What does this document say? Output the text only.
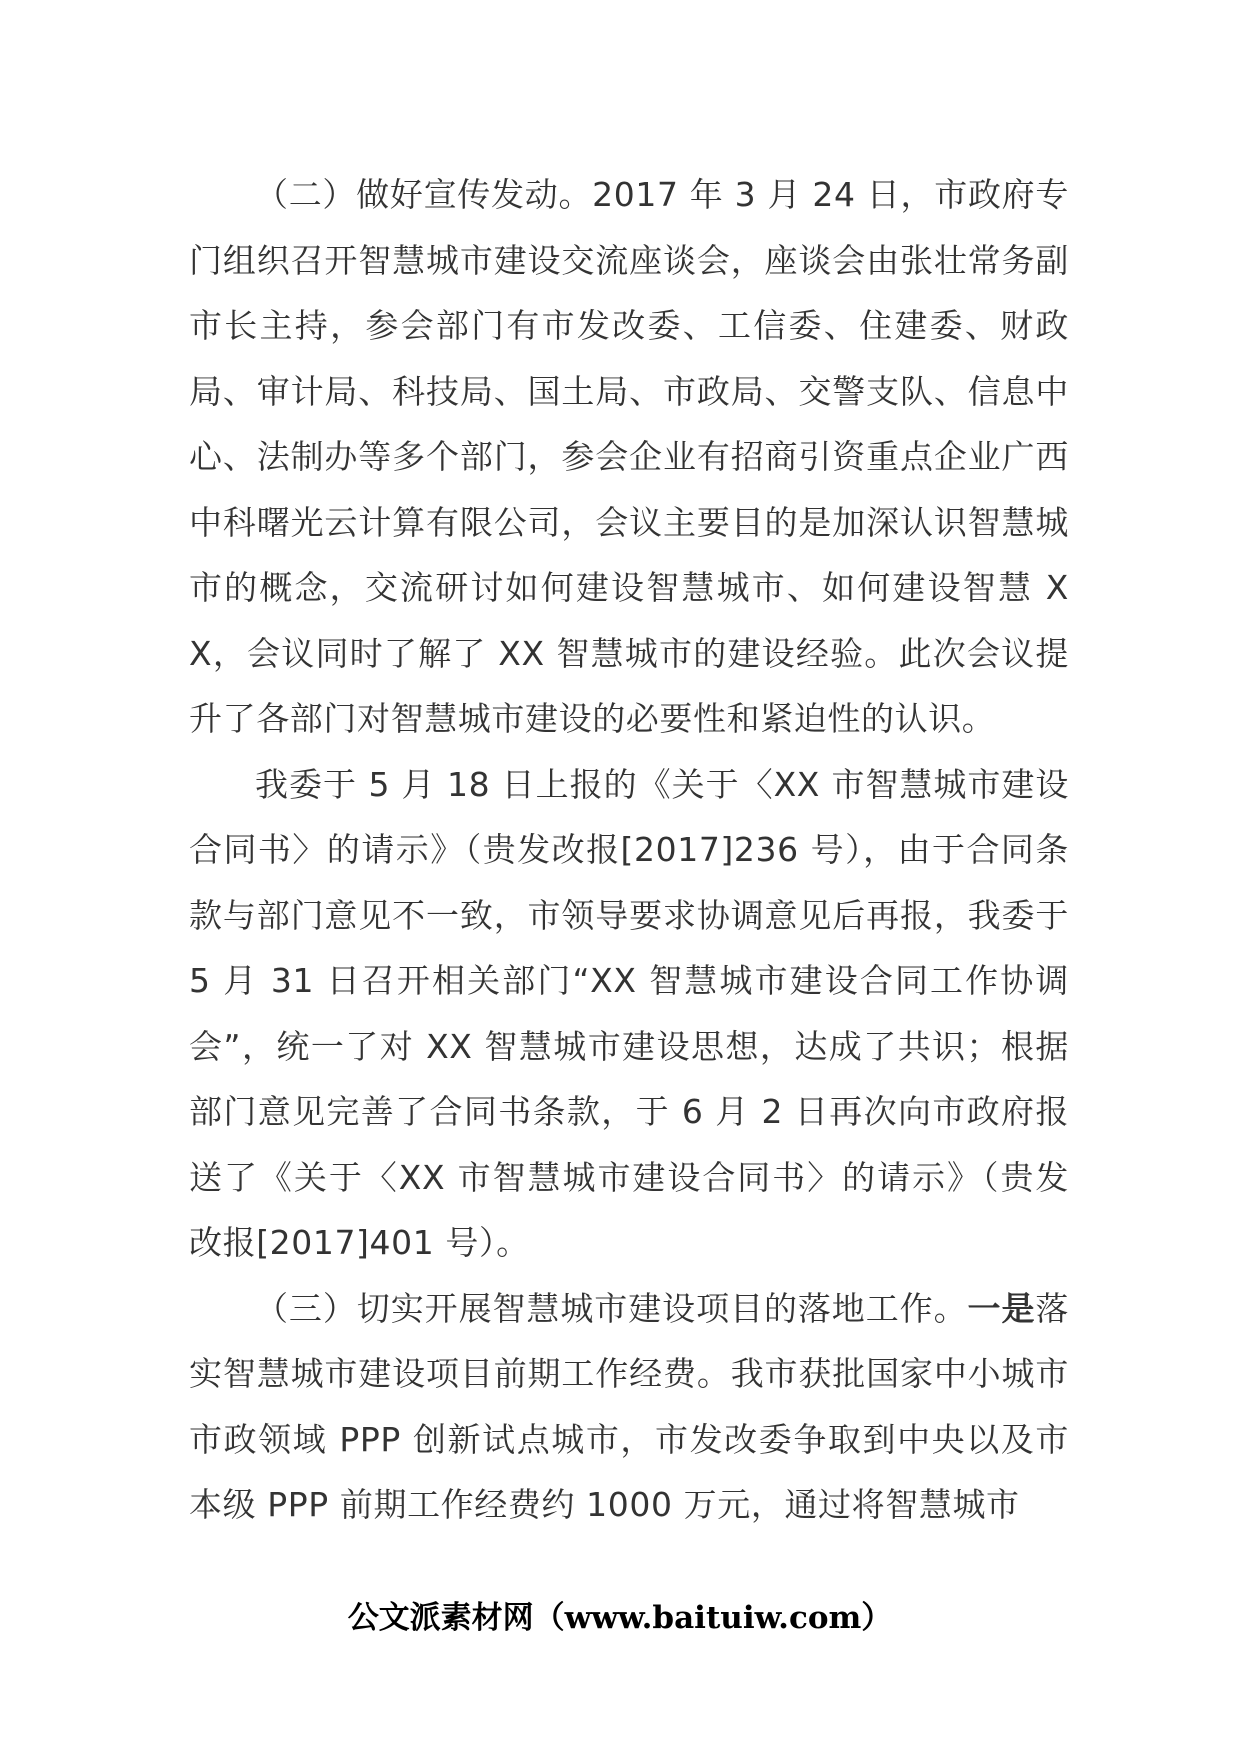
（二）做好宣传发动。2017 年 3 月 24 日，市政府专门组织召开智慧城市建设交流座谈会，座谈会由张壮常务副市长主持，参会部门有市发改委、工信委、住建委、财政局、审计局、科技局、国土局、市政局、交警支队、信息中心、法制办等多个部门，参会企业有招商引资重点企业广西中科曙光云计算有限公司，会议主要目的是加深认识智慧城市的概念，交流研讨如何建设智慧城市、如何建设智慧 XX，会议同时了解了 XX 智慧城市的建设经验。此次会议提升了各部门对智慧城市建设的必要性和紧迫性的认识。

我委于 5 月 18 日上报的《关于〈XX 市智慧城市建设合同书〉的请示》（贵发改报[2017]236 号），由于合同条款与部门意见不一致，市领导要求协调意见后再报，我委于 5 月 31 日召开相关部门“XX 智慧城市建设合同工作协调会”，统一了对 XX 智慧城市建设思想，达成了共识；根据部门意见完善了合同书条款，于 6 月 2 日再次向市政府报送了《关于〈XX 市智慧城市建设合同书〉的请示》（贵发改报[2017]401 号）。

（三）切实开展智慧城市建设项目的落地工作。一是落实智慧城市建设项目前期工作经费。我市获批国家中小城市市政领域 PPP 创新试点城市，市发改委争取到中央以及市本级 PPP 前期工作经费约 1000 万元，通过将智慧城市

公文派素材网（www.baituiw.com）
